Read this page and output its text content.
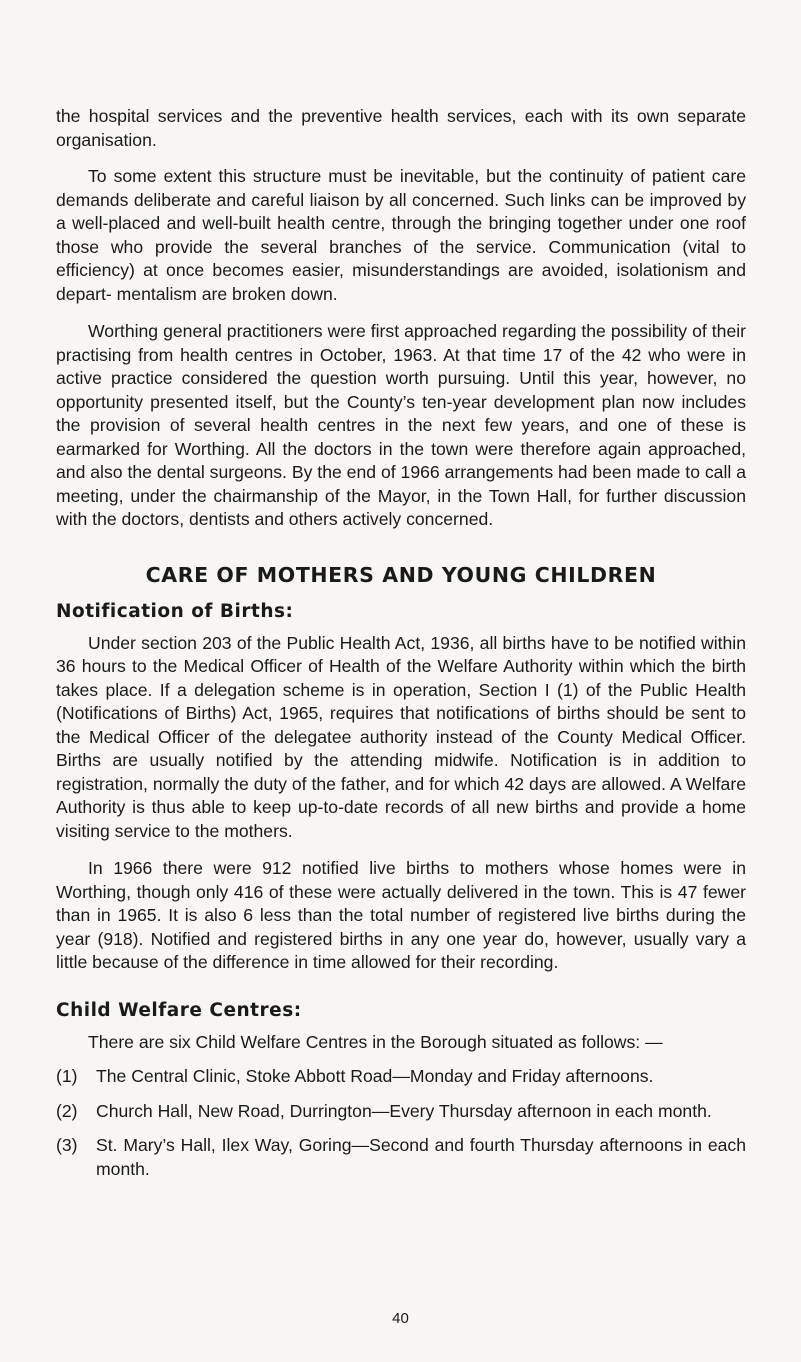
the hospital services and the preventive health services, each with its own separate organisation.

To some extent this structure must be inevitable, but the continuity of patient care demands deliberate and careful liaison by all concerned. Such links can be improved by a well-placed and well-built health centre, through the bringing together under one roof those who provide the several branches of the service. Communication (vital to efficiency) at once becomes easier, misunderstandings are avoided, isolationism and depart- mentalism are broken down.

Worthing general practitioners were first approached regarding the possibility of their practising from health centres in October, 1963. At that time 17 of the 42 who were in active practice considered the question worth pursuing. Until this year, however, no opportunity presented itself, but the County’s ten-year development plan now includes the provision of several health centres in the next few years, and one of these is earmarked for Worthing. All the doctors in the town were therefore again approached, and also the dental surgeons. By the end of 1966 arrangements had been made to call a meeting, under the chairmanship of the Mayor, in the Town Hall, for further discussion with the doctors, dentists and others actively concerned.

CARE OF MOTHERS AND YOUNG CHILDREN
Notification of Births:

Under section 203 of the Public Health Act, 1936, all births have to be notified within 36 hours to the Medical Officer of Health of the Welfare Authority within which the birth takes place. If a delegation scheme is in operation, Section I (1) of the Public Health (Notifications of Births) Act, 1965, requires that notifications of births should be sent to the Medical Officer of the delegatee authority instead of the County Medical Officer. Births are usually notified by the attending midwife. Notification is in addition to registration, normally the duty of the father, and for which 42 days are allowed. A Welfare Authority is thus able to keep up-to-date records of all new births and provide a home visiting service to the mothers.

In 1966 there were 912 notified live births to mothers whose homes were in Worthing, though only 416 of these were actually delivered in the town. This is 47 fewer than in 1965. It is also 6 less than the total number of registered live births during the year (918). Notified and registered births in any one year do, however, usually vary a little because of the difference in time allowed for their recording.

Child Welfare Centres:

There are six Child Welfare Centres in the Borough situated as follows: —

(1)	The Central Clinic, Stoke Abbott Road—Monday and Friday afternoons.
(2)	Church Hall, New Road, Durrington—Every Thursday afternoon in each month.
(3)	St. Mary’s Hall, Ilex Way, Goring—Second and fourth Thursday afternoons in each month.
40
